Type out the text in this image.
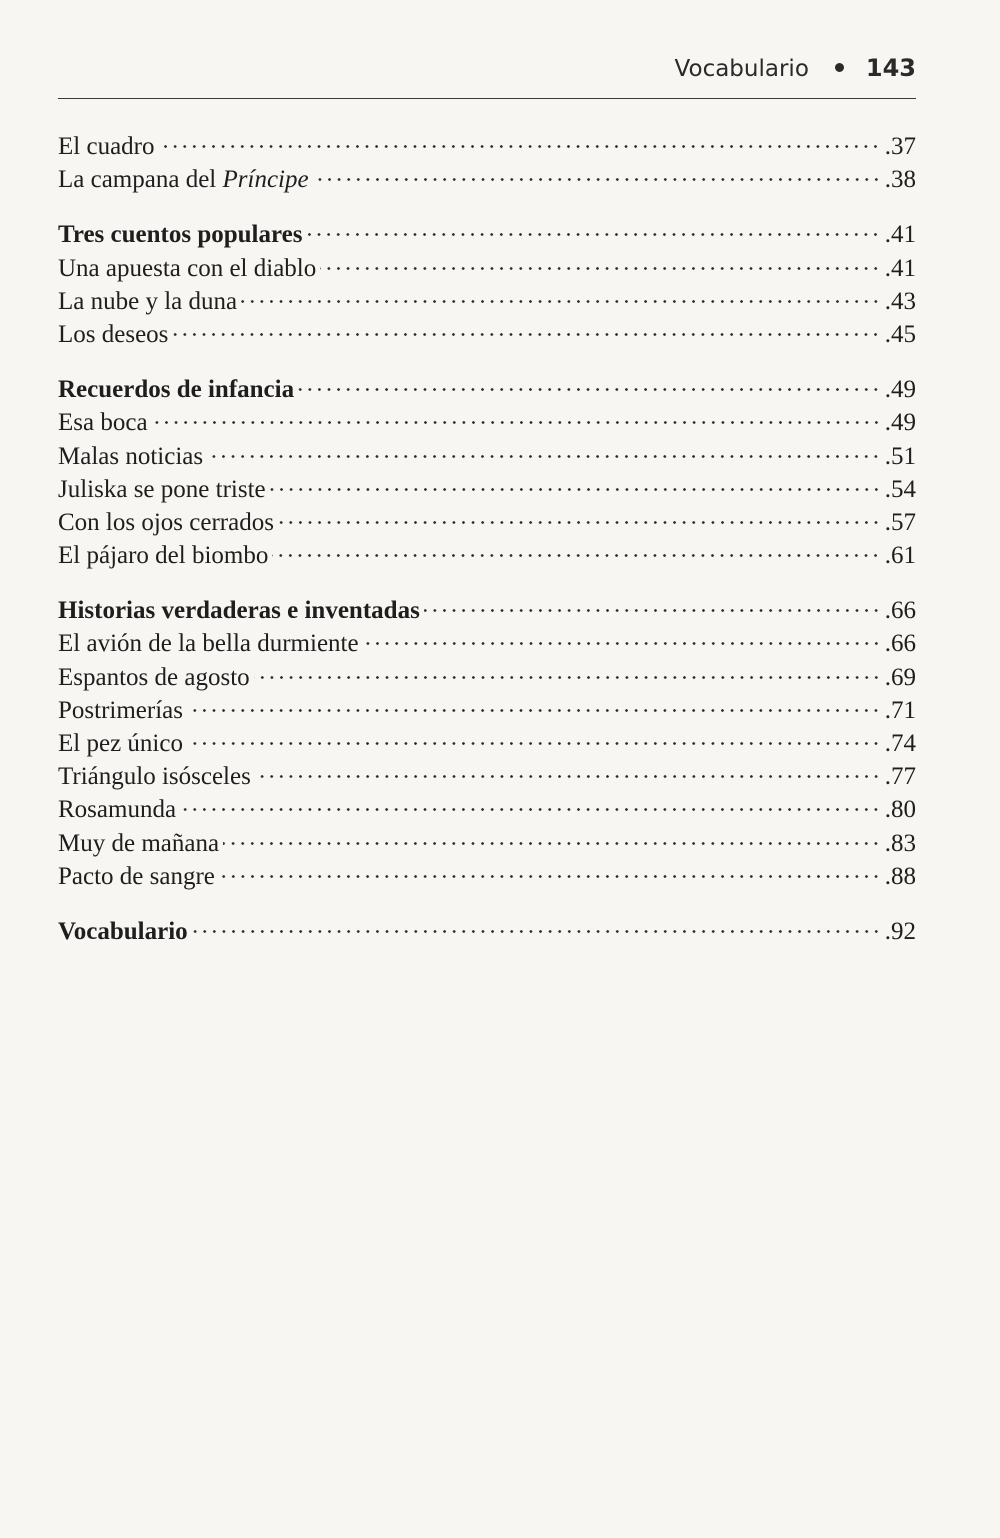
Vocabulario 143
El cuadro	.37
La campana del Príncipe	.38
Tres cuentos populares	.41
Una apuesta con el diablo	.41
La nube y la duna	.43
Los deseos	.45
Recuerdos de infancia	.49
Esa boca	.49
Malas noticias	.51
Juliska se pone triste	.54
Con los ojos cerrados	.57
El pájaro del biombo	.61
Historias verdaderas e inventadas	.66
El avión de la bella durmiente	.66
Espantos de agosto	.69
Postrimerías	.71
El pez único	.74
Triángulo isósceles	.77
Rosamunda	.80
Muy de mañana	.83
Pacto de sangre	.88
Vocabulario	.92
